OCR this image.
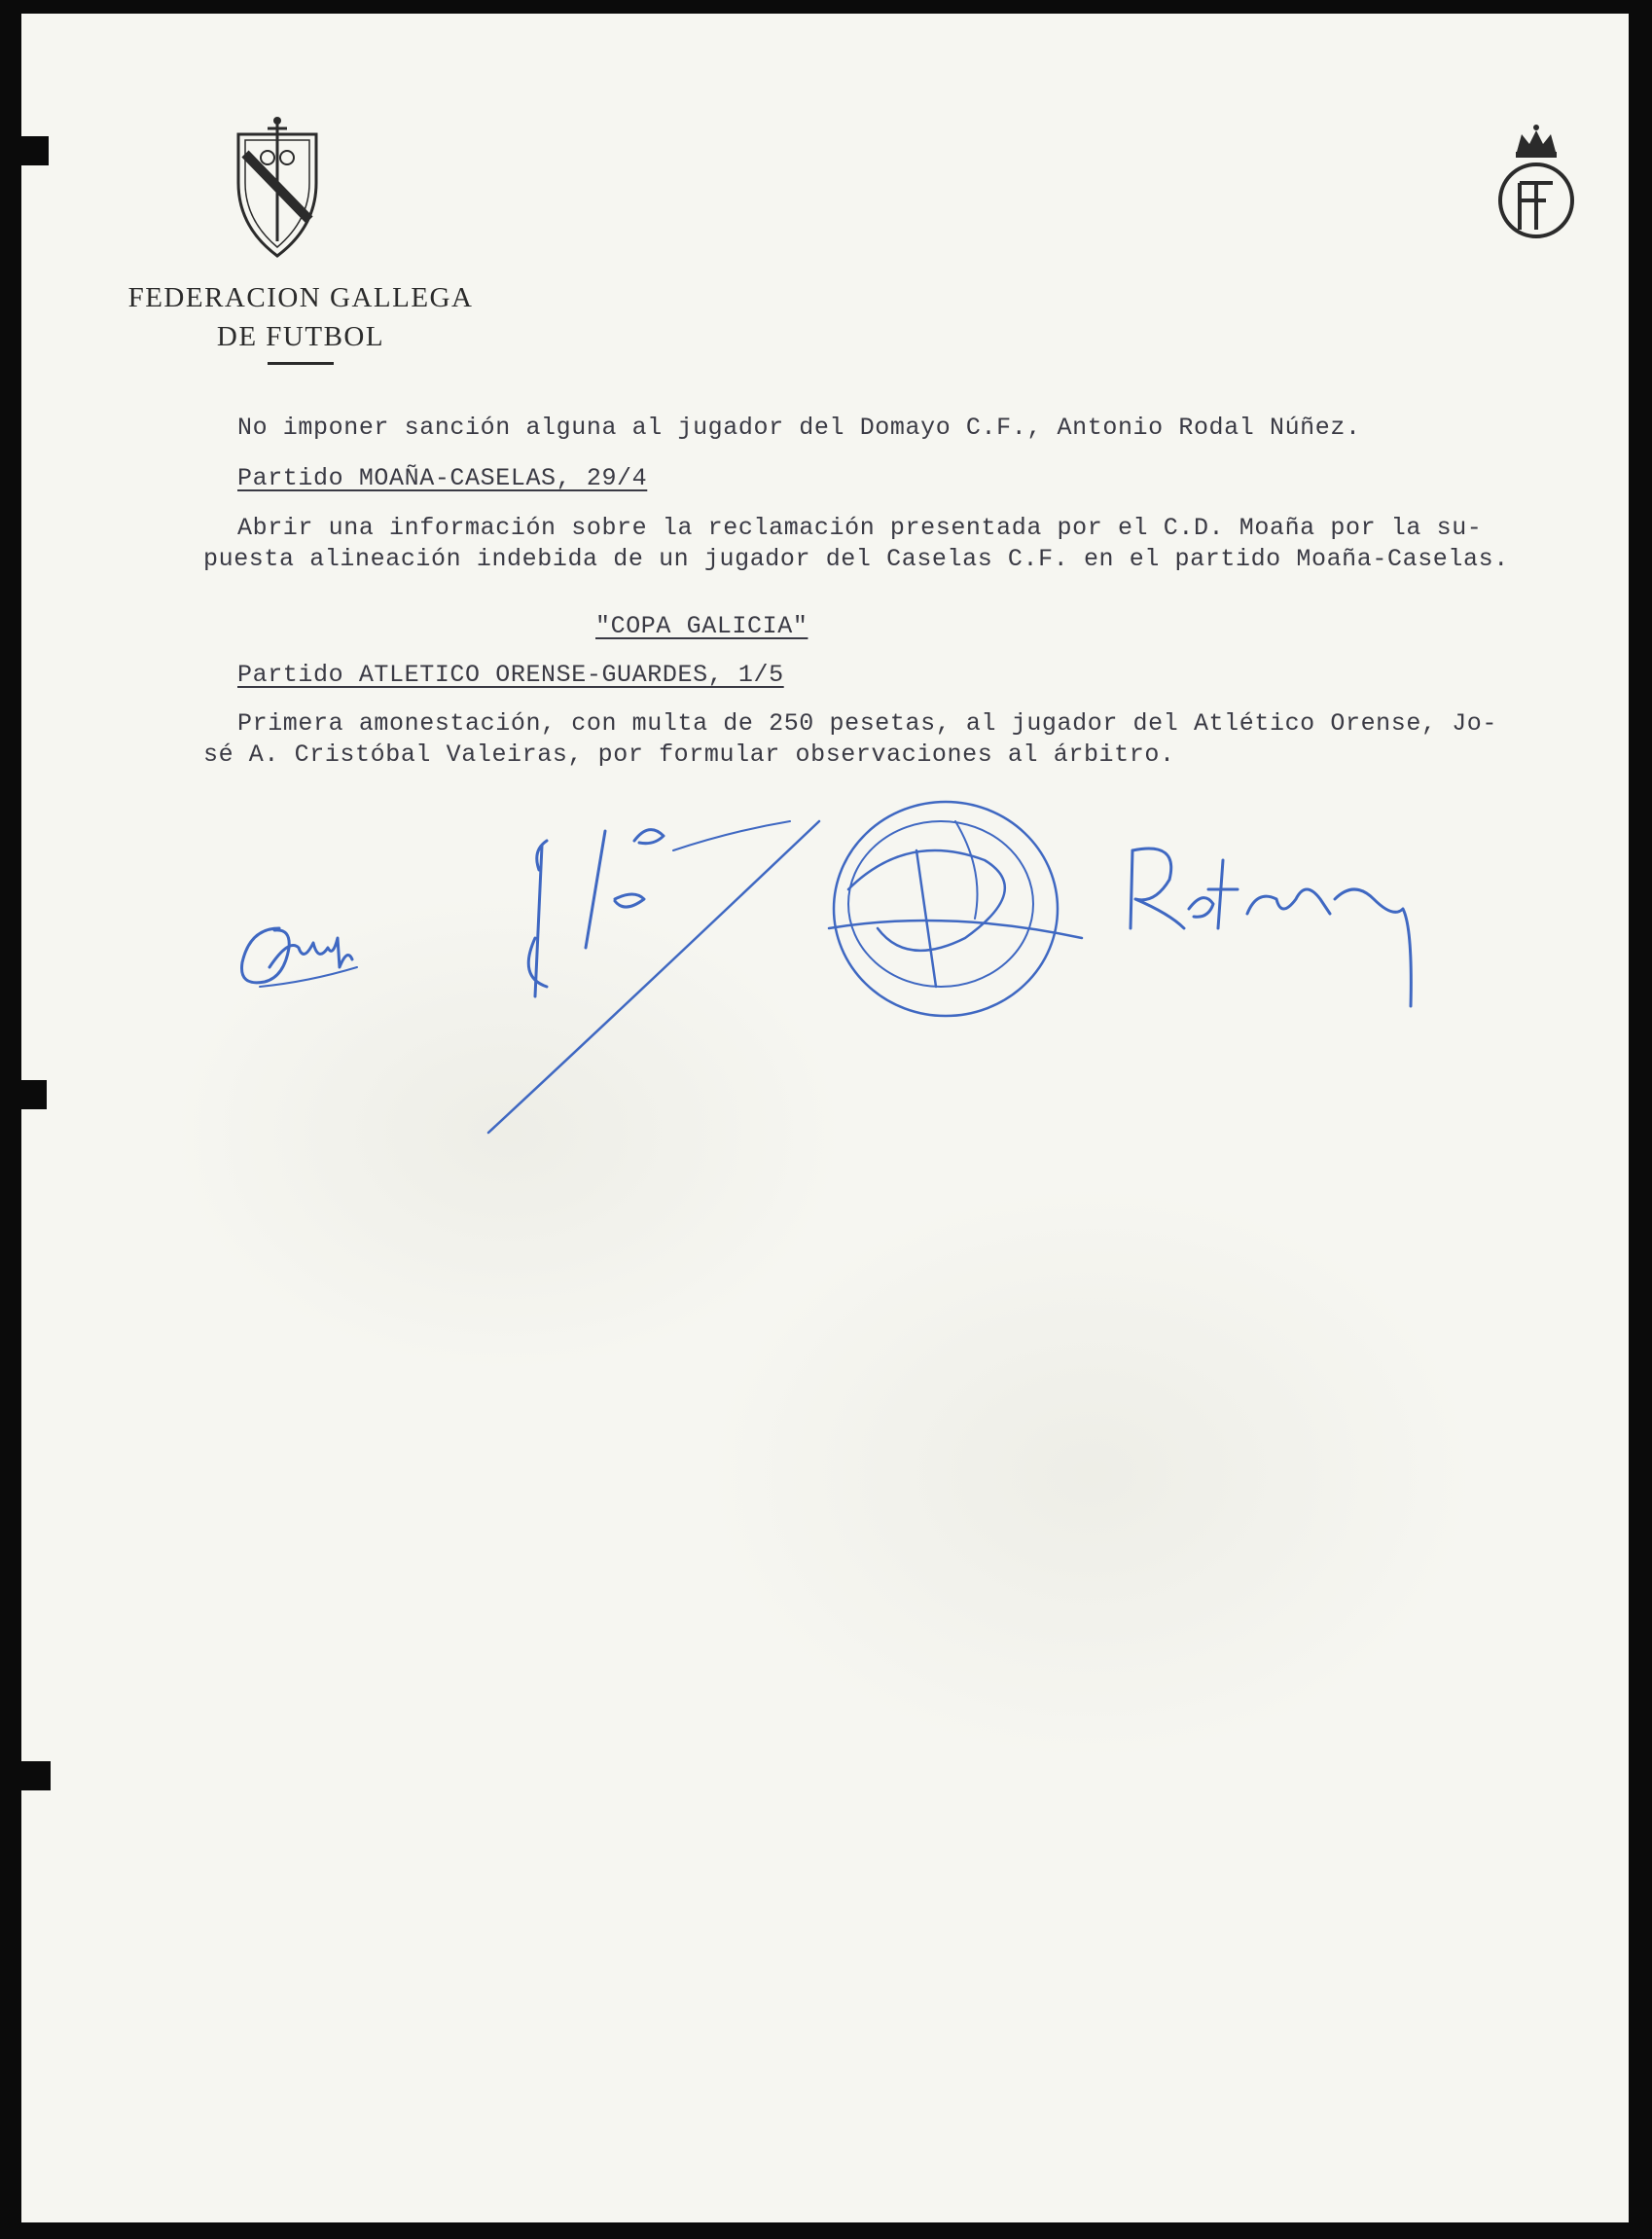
FEDERACION GALLEGA
DE FUTBOL
No imponer sanción alguna al jugador del Domayo C.F., Antonio Rodal Núñez.
Partido MOAÑA-CASELAS, 29/4
Abrir una información sobre la reclamación presentada por el C.D. Moaña por la su-
puesta alineación indebida de un jugador del Caselas C.F. en el partido Moaña-Caselas.
"COPA GALICIA"
Partido ATLETICO ORENSE-GUARDES, 1/5
Primera amonestación, con multa de 250 pesetas, al jugador del Atlético Orense, Jo-
sé A. Cristóbal Valeiras, por formular observaciones al árbitro.
